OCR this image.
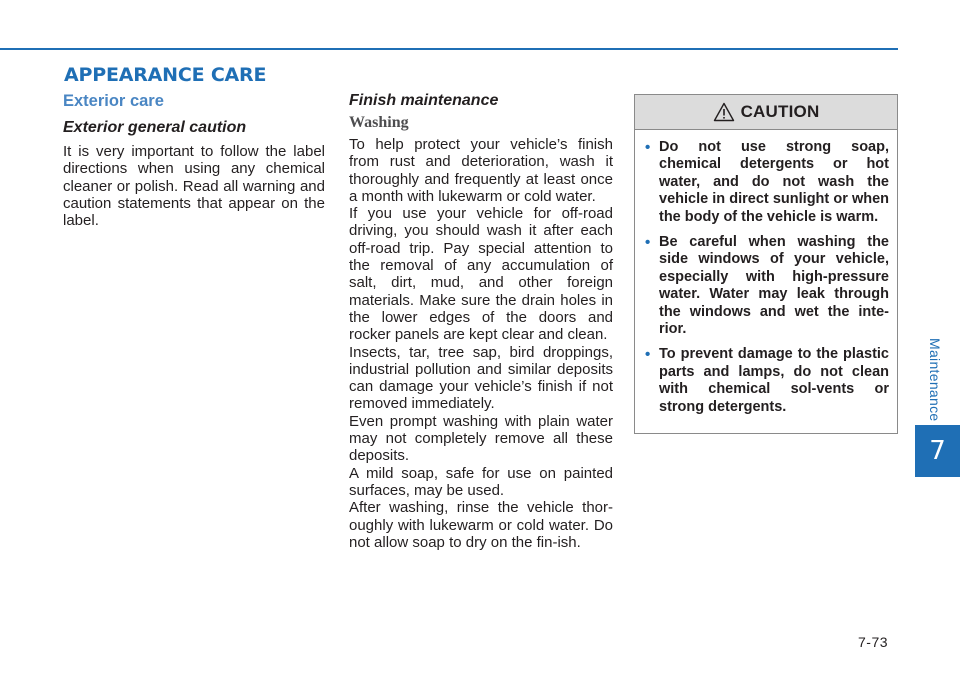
APPEARANCE CARE
Exterior care
Exterior general caution

It is very important to follow the label directions when using any chemical cleaner or polish. Read all warning and caution statements that appear on the label.

Finish maintenance
Washing

To help protect your vehicle’s finish from rust and deterioration, wash it thoroughly and frequently at least once a month with lukewarm or cold water.

If you use your vehicle for off-road driving, you should wash it after each off-road trip. Pay special attention to the removal of any accumulation of salt, dirt, mud, and other foreign materials. Make sure the drain holes in the lower edges of the doors and rocker panels are kept clear and clean.

Insects, tar, tree sap, bird droppings, industrial pollution and similar deposits can damage your vehicle’s finish if not removed immediately.

Even prompt washing with plain water may not completely remove all these deposits.

A mild soap, safe for use on painted surfaces, may be used.

After washing, rinse the vehicle thor-oughly with lukewarm or cold water. Do not allow soap to dry on the fin-ish.

CAUTION
• Do not use strong soap, chemical detergents or hot water, and do not wash the vehicle in direct sunlight or when the body of the vehicle is warm.
• Be careful when washing the side windows of your vehicle, especially with high-pressure water. Water may leak through the windows and wet the inte-rior.
• To prevent damage to the plastic parts and lamps, do not clean with chemical sol-vents or strong detergents.	Maintenance
7
7-73
